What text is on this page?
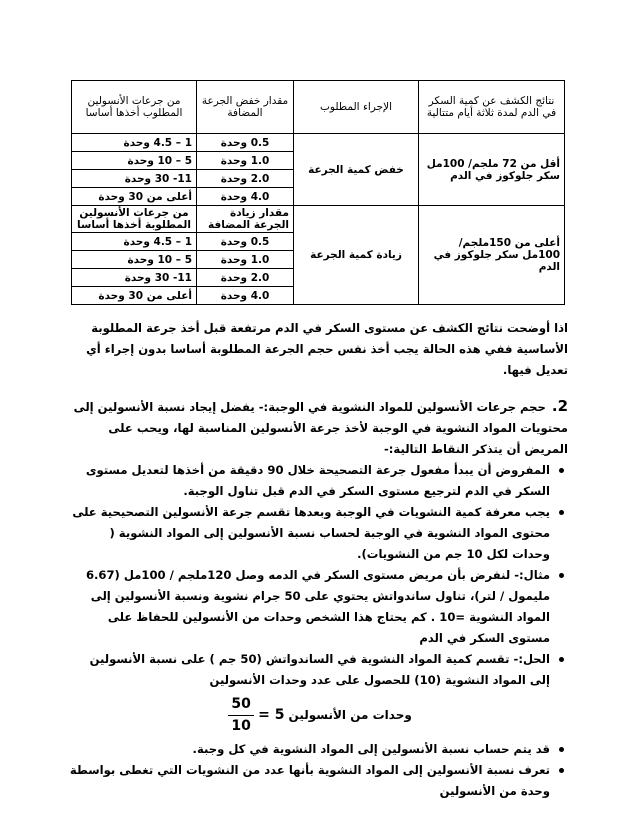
نتائج الكشف عن كمية السكر في الدم لمدة ثلاثة أيام متتالية	الإجراء المطلوب	مقدار خفض الجرعة المضافة	من جرعات الأنسولين المطلوب أخذها أساسا
أقل من 72 ملجم/ 100مل سكر جلوكوز في الدم	خفض كمية الجرعة	0.5 وحدة	1 – 4.5 وحدة
		1.0 وحدة	5 – 10 وحدة
		2.0 وحدة	11- 30 وحدة
		4.0 وحدة	أعلى من 30 وحدة
أعلى من 150ملجم/ 100مل سكر جلوكوز في الدم	زيادة كمية الجرعة	مقدار زيادة الجرعة المضافة	من جرعات الأنسولين المطلوبة أخذها أساسا
		0.5 وحدة	1 – 4.5 وحدة
		1.0 وحدة	5 – 10 وحدة
		2.0 وحدة	11- 30 وحدة
		4.0 وحدة	أعلى من 30 وحدة

اذا أوضحت نتائج الكشف عن مستوى السكر في الدم مرتفعة قبل أخذ جرعة المطلوبة الأساسية ففي هذه الحالة يجب أخذ نفس حجم الجرعة المطلوبة أساسا بدون إجراء أي تعديل فيها.

2.حجم جرعات الأنسولين للمواد النشوية في الوجبة:- يفضل إيجاد نسبة الأنسولين إلى محتويات المواد النشوية في الوجبة لأخذ جرعة الأنسولين المناسبة لها، ويحب على المريض أن يتذكر النقاط التالية:-

المفروض أن يبدأ مفعول جرعة التصحيحة خلال 90 دقيقة من أخذها لتعديل مستوى السكر في الدم لترجيع مستوى السكر في الدم قبل تناول الوجبة.
يجب معرفة كمية النشويات في الوجبة وبعدها تقسم جرعة الأنسولين التصحيحية على محتوى المواد النشوية في الوجبة لحساب نسبة الأنسولين إلى المواد النشوية ( وحدات لكل 10 جم من النشويات).
مثال:- لنفرض بأن مريض مستوى السكر في الدمه وصل 120ملجم / 100مل (6.67 مليمول / لتر)، تناول ساندواتش يحتوي على 50 جرام نشوية ونسبة الأنسولين إلى المواد النشوية =10 . كم يحتاج هذا الشخص وحدات من الأنسولين للحفاظ على مستوى السكر في الدم
الحل:- تقسم كمية المواد النشوية في الساندواتش (50 جم ) على نسبة الأنسولين إلى المواد النشوية (10) للحصول على عدد وحدات الأنسولين
$\frac{50}{10} = 5$ وحدات من الأنسولين
قد يتم حساب نسبة الأنسولين إلى المواد النشوية في كل وجبة.
تعرف نسبة الأنسولين إلى المواد النشوية بأنها عدد من النشويات التي تغطى بواسطة وحدة من الأنسولين
